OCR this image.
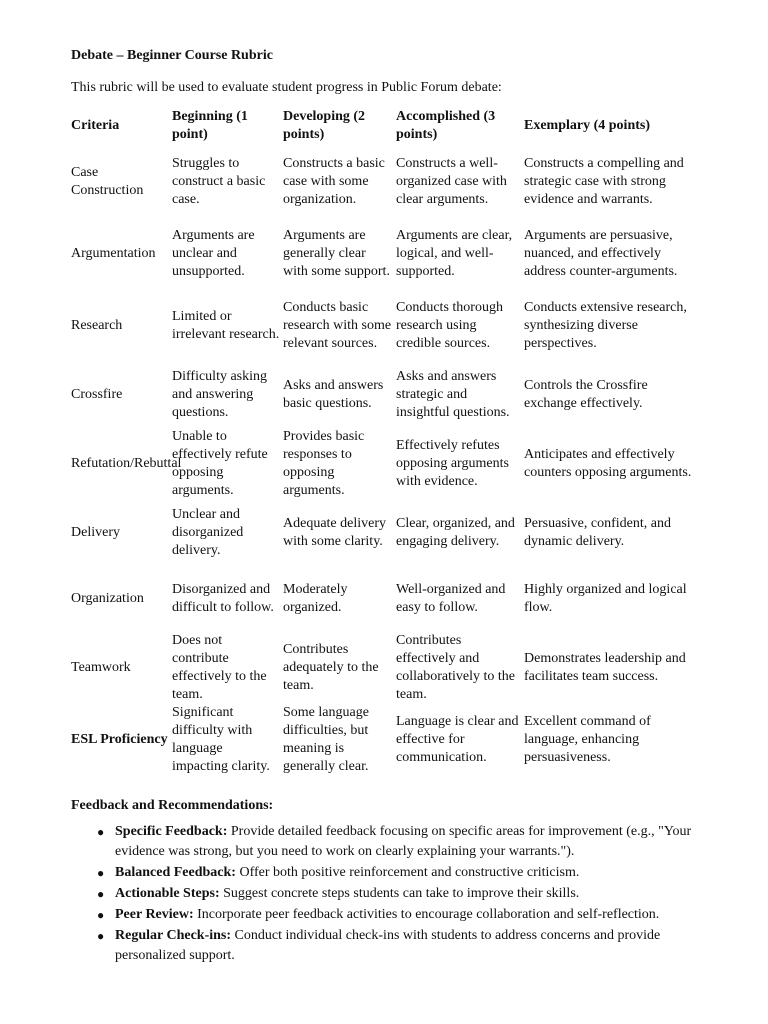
Debate – Beginner Course Rubric
This rubric will be used to evaluate student progress in Public Forum debate:
Criteria	Beginning (1 point)	Developing (2 points)	Accomplished (3 points)	Exemplary (4 points)
Case Construction	Struggles to construct a basic case.	Constructs a basic case with some organization.	Constructs a well-organized case with clear arguments.	Constructs a compelling and strategic case with strong evidence and warrants.
Argumentation	Arguments are unclear and unsupported.	Arguments are generally clear with some support.	Arguments are clear, logical, and well-supported.	Arguments are persuasive, nuanced, and effectively address counter-arguments.
Research	Limited or irrelevant research.	Conducts basic research with some relevant sources.	Conducts thorough research using credible sources.	Conducts extensive research, synthesizing diverse perspectives.
Crossfire	Difficulty asking and answering questions.	Asks and answers basic questions.	Asks and answers strategic and insightful questions.	Controls the Crossfire exchange effectively.
Refutation/Rebuttal	Unable to effectively refute opposing arguments.	Provides basic responses to opposing arguments.	Effectively refutes opposing arguments with evidence.	Anticipates and effectively counters opposing arguments.
Delivery	Unclear and disorganized delivery.	Adequate delivery with some clarity.	Clear, organized, and engaging delivery.	Persuasive, confident, and dynamic delivery.
Organization	Disorganized and difficult to follow.	Moderately organized.	Well-organized and easy to follow.	Highly organized and logical flow.
Teamwork	Does not contribute effectively to the team.	Contributes adequately to the team.	Contributes effectively and collaboratively to the team.	Demonstrates leadership and facilitates team success.
ESL Proficiency	Significant difficulty with language impacting clarity.	Some language difficulties, but meaning is generally clear.	Language is clear and effective for communication.	Excellent command of language, enhancing persuasiveness.
Feedback and Recommendations:
● Specific Feedback: Provide detailed feedback focusing on specific areas for improvement (e.g., "Your evidence was strong, but you need to work on clearly explaining your warrants.").
● Balanced Feedback: Offer both positive reinforcement and constructive criticism.
● Actionable Steps: Suggest concrete steps students can take to improve their skills.
● Peer Review: Incorporate peer feedback activities to encourage collaboration and self-reflection.
● Regular Check-ins: Conduct individual check-ins with students to address concerns and provide personalized support.
